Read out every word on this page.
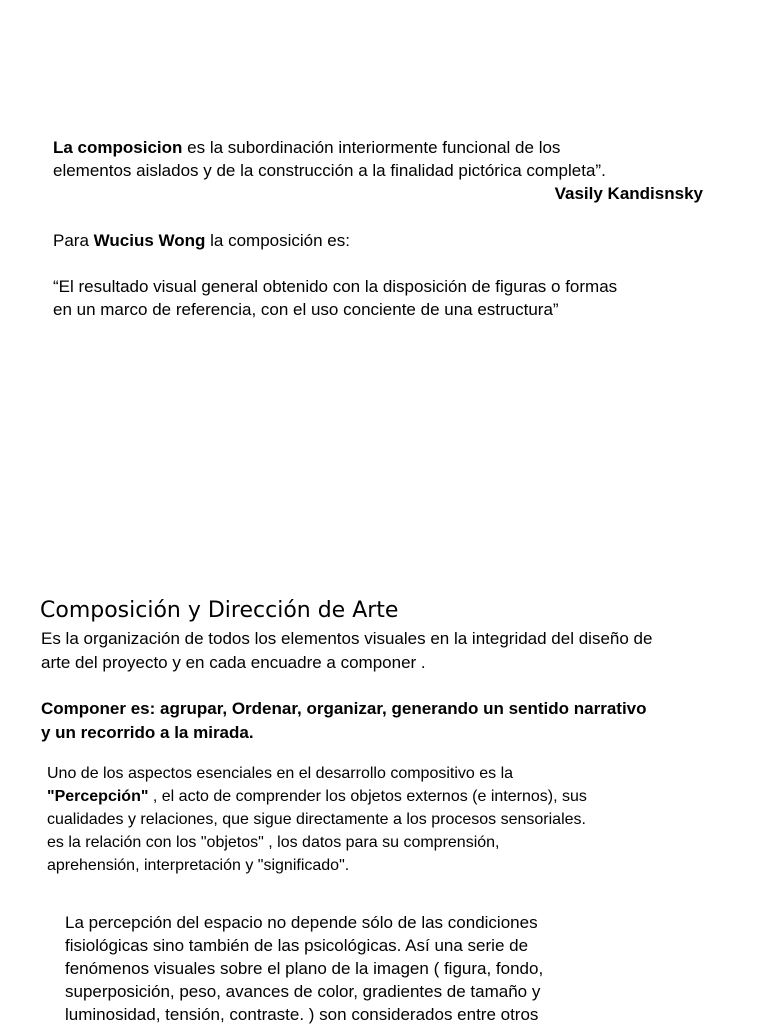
La composicion es la subordinación interiormente funcional de los
elementos aislados y de la construcción a la finalidad pictórica completa”.
Vasily Kandisnsky
Para Wucius Wong la composición es:
“El resultado visual general obtenido con la disposición de figuras o formas
en un marco de referencia, con el uso conciente de una estructura”
Composición y Dirección de Arte
Es la organización de todos los elementos visuales en la integridad del diseño de
arte del proyecto y en cada encuadre a componer .
Componer es: agrupar, Ordenar, organizar, generando un sentido narrativo
y un recorrido a la mirada.
Uno de los aspectos esenciales en el desarrollo compositivo es la
"Percepción" , el acto de comprender los objetos externos (e internos), sus
cualidades y relaciones, que sigue directamente a los procesos sensoriales.
es la relación con los "objetos" , los datos para su comprensión,
aprehensión, interpretación y "significado".
La percepción del espacio no depende sólo de las condiciones
fisiológicas sino también de las psicológicas. Así una serie de
fenómenos visuales sobre el plano de la imagen ( figura, fondo,
superposición, peso, avances de color, gradientes de tamaño y
luminosidad, tensión, contraste. ) son considerados entre otros
